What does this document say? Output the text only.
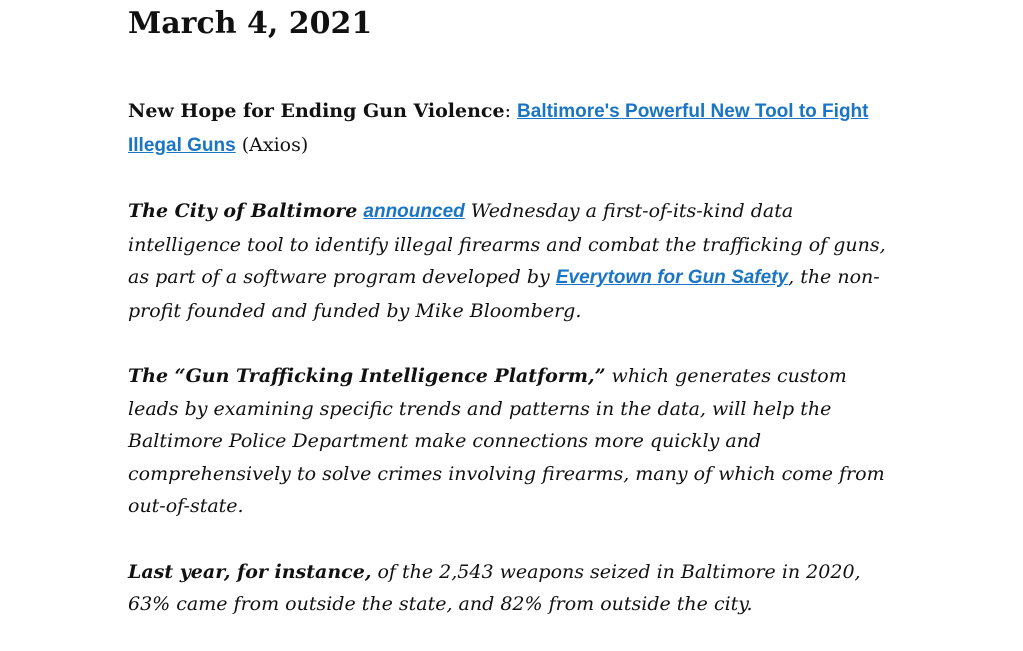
March 4, 2021

New Hope for Ending Gun Violence: Baltimore's Powerful New Tool to Fight Illegal Guns (Axios)

The City of Baltimore announced Wednesday a first-of-its-kind data intelligence tool to identify illegal firearms and combat the trafficking of guns, as part of a software program developed by Everytown for Gun Safety, the non-profit founded and funded by Mike Bloomberg.

The “Gun Trafficking Intelligence Platform,” which generates custom leads by examining specific trends and patterns in the data, will help the Baltimore Police Department make connections more quickly and comprehensively to solve crimes involving firearms, many of which come from out-of-state.

Last year, for instance, of the 2,543 weapons seized in Baltimore in 2020, 63% came from outside the state, and 82% from outside the city.
